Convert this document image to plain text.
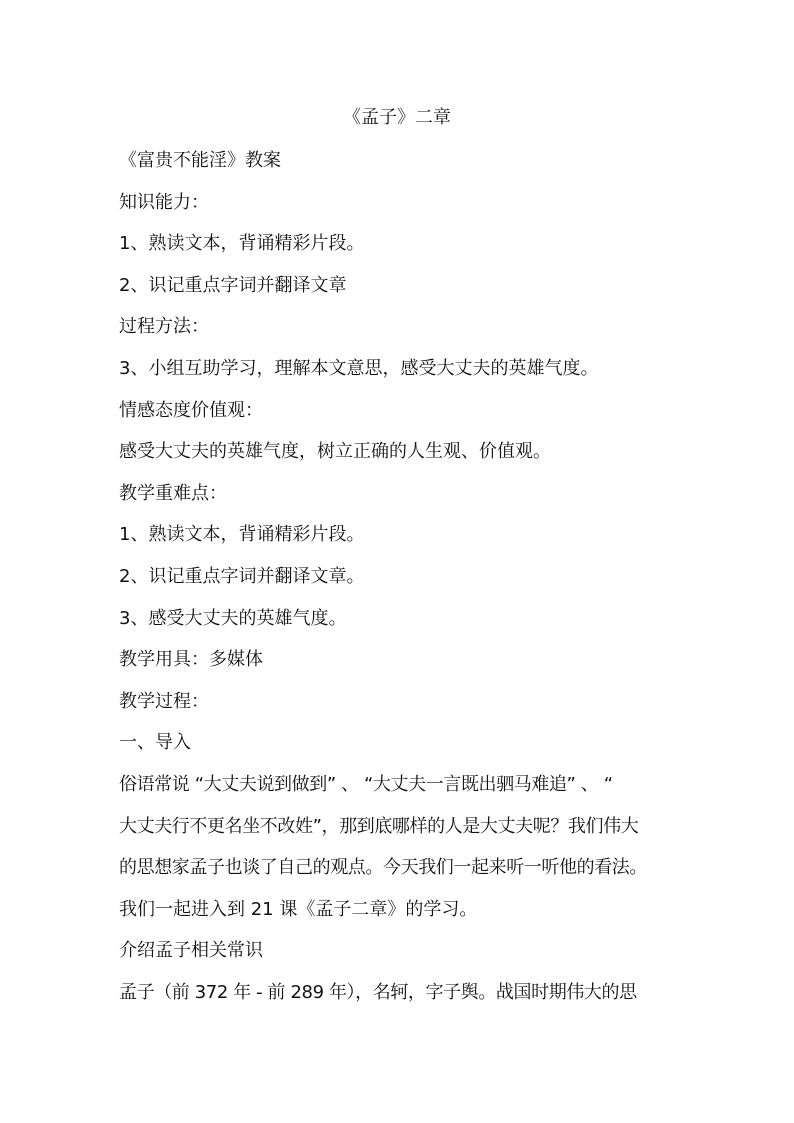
《孟子》二章
《富贵不能淫》教案
知识能力：
1、熟读文本，背诵精彩片段。
2、识记重点字词并翻译文章
过程方法：
3、小组互助学习，理解本文意思，感受大丈夫的英雄气度。
情感态度价值观：
感受大丈夫的英雄气度，树立正确的人生观、价值观。
教学重难点：
1、熟读文本，背诵精彩片段。
2、识记重点字词并翻译文章。
3、感受大丈夫的英雄气度。
教学用具：多媒体
教学过程：
一、导入
俗语常说 “大丈夫说到做到” 、 “大丈夫一言既出驷马难追” 、 “
大丈夫行不更名坐不改姓”，那到底哪样的人是大丈夫呢？我们伟大
的思想家孟子也谈了自己的观点。今天我们一起来听一听他的看法。
我们一起进入到 21 课《孟子二章》的学习。
介绍孟子相关常识
孟子（前 372 年 - 前 289 年），名轲，字子舆。战国时期伟大的思
